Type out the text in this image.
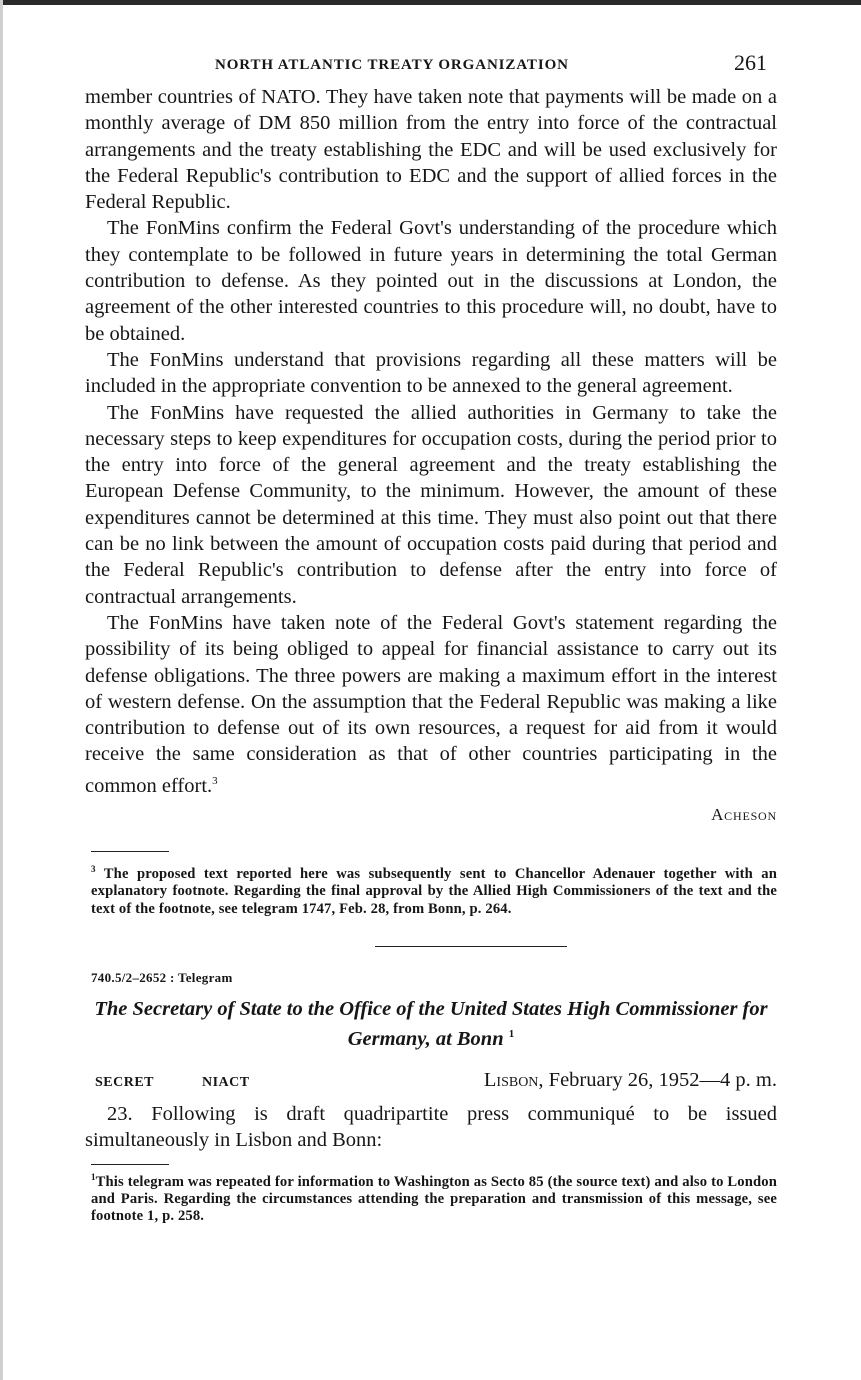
NORTH ATLANTIC TREATY ORGANIZATION	261

member countries of NATO. They have taken note that payments will be made on a monthly average of DM 850 million from the entry into force of the contractual arrangements and the treaty establishing the EDC and will be used exclusively for the Federal Republic's contribution to EDC and the support of allied forces in the Federal Republic.

The FonMins confirm the Federal Govt's understanding of the procedure which they contemplate to be followed in future years in determining the total German contribution to defense. As they pointed out in the discussions at London, the agreement of the other interested countries to this procedure will, no doubt, have to be obtained.

The FonMins understand that provisions regarding all these matters will be included in the appropriate convention to be annexed to the general agreement.

The FonMins have requested the allied authorities in Germany to take the necessary steps to keep expenditures for occupation costs, during the period prior to the entry into force of the general agreement and the treaty establishing the European Defense Community, to the minimum. However, the amount of these expenditures cannot be determined at this time. They must also point out that there can be no link between the amount of occupation costs paid during that period and the Federal Republic's contribution to defense after the entry into force of contractual arrangements.

The FonMins have taken note of the Federal Govt's statement regarding the possibility of its being obliged to appeal for financial assistance to carry out its defense obligations. The three powers are making a maximum effort in the interest of western defense. On the assumption that the Federal Republic was making a like contribution to defense out of its own resources, a request for aid from it would receive the same consideration as that of other countries participating in the common effort.$^3$

Acheson
$^3$ The proposed text reported here was subsequently sent to Chancellor Adenauer together with an explanatory footnote. Regarding the final approval by the Allied High Commissioners of the text and the text of the footnote, see telegram 1747, Feb. 28, from Bonn, p. 264.
740.5/2–2652 : Telegram
The Secretary of State to the Office of the United States High Commissioner for Germany, at Bonn $^1$
SECRET	NIACT	Lisbon, February 26, 1952—4 p. m.

23. Following is draft quadripartite press communiqué to be issued simultaneously in Lisbon and Bonn:

$^1$This telegram was repeated for information to Washington as Secto 85 (the source text) and also to London and Paris. Regarding the circumstances attending the preparation and transmission of this message, see footnote 1, p. 258.
